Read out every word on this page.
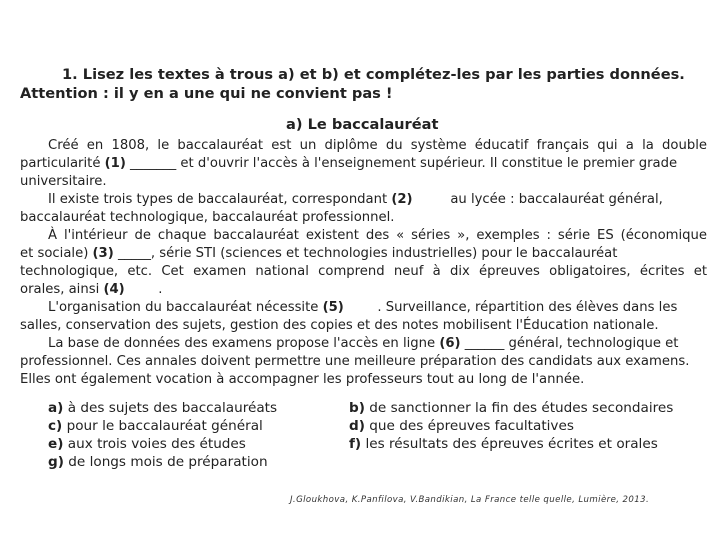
1. Lisez les textes à trous a) et b) et complétez-les par les parties données.
Attention : il y en a une qui ne convient pas !
a) Le baccalauréat
Créé en 1808, le baccalauréat est un diplôme du système éducatif français qui a la double
particularité (1) _______ et d'ouvrir l'accès à l'enseignement supérieur. Il constitue le premier grade
universitaire.
Il existe trois types de baccalauréat, correspondant (2)         au lycée : baccalauréat général,
baccalauréat technologique, baccalauréat professionnel.
À l'intérieur de chaque baccalauréat existent des « séries », exemples : série ES (économique
et sociale) (3) _____, série STI (sciences et technologies industrielles) pour le baccalauréat
technologique, etc. Cet examen national comprend neuf à dix épreuves obligatoires, écrites et
orales, ainsi (4)        .
L'organisation du baccalauréat nécessite (5)        . Surveillance, répartition des élèves dans les
salles, conservation des sujets, gestion des copies et des notes mobilisent l'Éducation nationale.
La base de données des examens propose l'accès en ligne (6) ______ général, technologique et
professionnel. Ces annales doivent permettre une meilleure préparation des candidats aux examens.
Elles ont également vocation à accompagner les professeurs tout au long de l'année.
a) à des sujets des baccalauréats	b) de sanctionner la fin des études secondaires
c) pour le baccalauréat général	d) que des épreuves facultatives
e) aux trois voies des études	f) les résultats des épreuves écrites et orales
g) de longs mois de préparation
J.Gloukhova, K.Panfilova, V.Bandikian, La France telle quelle, Lumière, 2013.
